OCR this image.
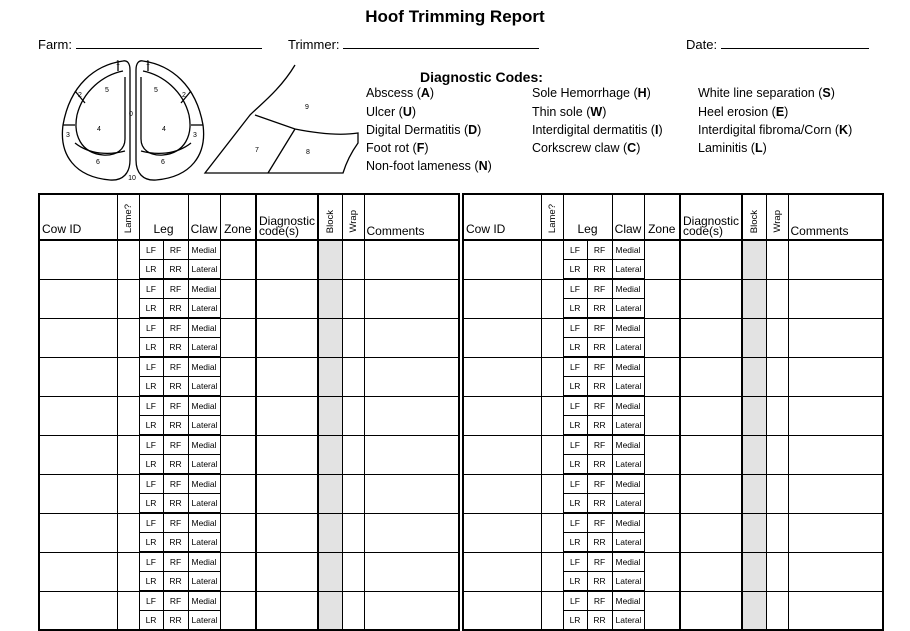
Hoof Trimming Report
Farm:	Trimmer:	Date:
1	1
2	2
3	3
4	4
5	5
6	6
0
10
9
7	8
Diagnostic Codes:
Abscess (A)
Ulcer (U)
Digital Dermatitis (D)
Foot rot (F)
Non-foot lameness (N)
Sole Hemorrhage (H)
Thin sole (W)
Interdigital dermatitis (I)
Corkscrew claw (C)
White line separation (S)
Heel erosion (E)
Interdigital fibroma/Corn (K)
Laminitis (L)
Cow ID	Lame?	Leg		Claw	Zone	Diagnostic code(s)	Block	Wrap	Comments
		LF	RF	Medial					
		LR	RR	Lateral					
		LF	RF	Medial					
		LR	RR	Lateral					
		LF	RF	Medial					
		LR	RR	Lateral					
		LF	RF	Medial					
		LR	RR	Lateral					
		LF	RF	Medial					
		LR	RR	Lateral					
		LF	RF	Medial					
		LR	RR	Lateral					
		LF	RF	Medial					
		LR	RR	Lateral					
		LF	RF	Medial					
		LR	RR	Lateral					
		LF	RF	Medial					
		LR	RR	Lateral					
		LF	RF	Medial					
		LR	RR	Lateral					
Cow ID	Lame?	Leg		Claw	Zone	Diagnostic code(s)	Block	Wrap	Comments
		LF	RF	Medial					
		LR	RR	Lateral					
		LF	RF	Medial					
		LR	RR	Lateral					
		LF	RF	Medial					
		LR	RR	Lateral					
		LF	RF	Medial					
		LR	RR	Lateral					
		LF	RF	Medial					
		LR	RR	Lateral					
		LF	RF	Medial					
		LR	RR	Lateral					
		LF	RF	Medial					
		LR	RR	Lateral					
		LF	RF	Medial					
		LR	RR	Lateral					
		LF	RF	Medial					
		LR	RR	Lateral					
		LF	RF	Medial					
		LR	RR	Lateral					
